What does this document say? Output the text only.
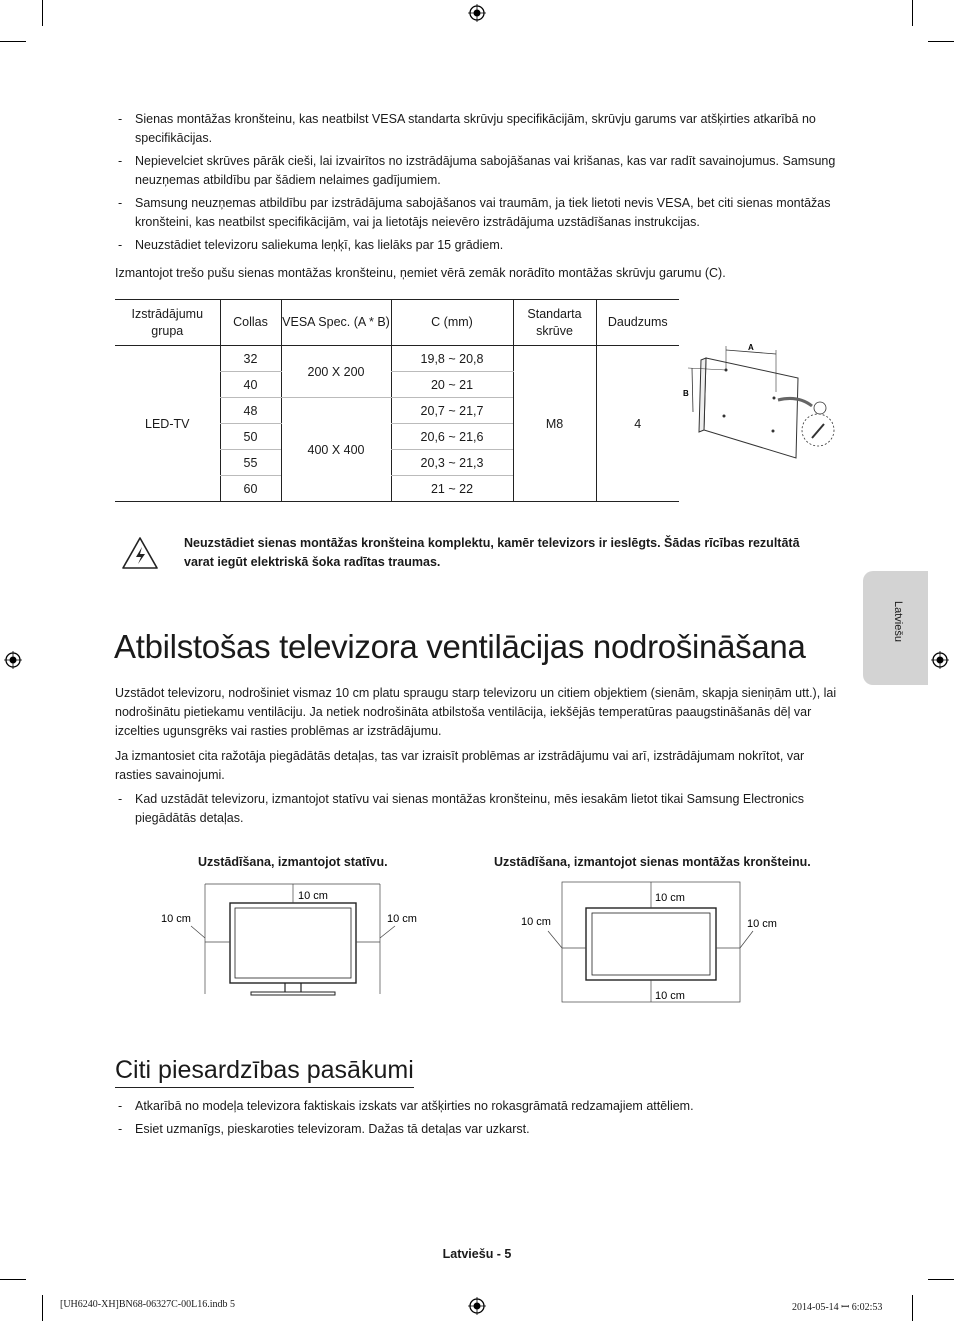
- Sienas montāžas kronšteinu, kas neatbilst VESA standarta skrūvju specifikācijām, skrūvju garums var atšķirties atkarībā no specifikācijas.
- Nepievelciet skrūves pārāk cieši, lai izvairītos no izstrādājuma sabojāšanas vai krišanas, kas var radīt savainojumus. Samsung neuzņemas atbildību par šādiem nelaimes gadījumiem.
- Samsung neuzņemas atbildību par izstrādājuma sabojāšanos vai traumām, ja tiek lietoti nevis VESA, bet citi sienas montāžas kronšteini, kas neatbilst specifikācijām, vai ja lietotājs neievēro izstrādājuma uzstādīšanas instrukcijas.
- Neuzstādiet televizoru saliekuma leņķī, kas lielāks par 15 grādiem.

Izmantojot trešo pušu sienas montāžas kronšteinu, ņemiet vērā zemāk norādīto montāžas skrūvju garumu (C).

Izstrādājumu grupa	Collas	VESA Spec. (A * B)	C (mm)	Standarta skrūve	Daudzums
LED-TV	32	200 X 200	19,8 ~ 20,8	M8	4
	40		20 ~ 21		
	48	400 X 400	20,7 ~ 21,7		
	50		20,6 ~ 21,6		
	55		20,3 ~ 21,3		
	60		21 ~ 22		
A
B
Neuzstādiet sienas montāžas kronšteina komplektu, kamēr televizors ir ieslēgts. Šādas rīcības rezultātā varat iegūt elektriskā šoka radītas traumas.
Atbilstošas televizora ventilācijas nodrošināšana

Uzstādot televizoru, nodrošiniet vismaz 10 cm platu spraugu starp televizoru un citiem objektiem (sienām, skapja sieniņām utt.), lai nodrošinātu pietiekamu ventilāciju. Ja netiek nodrošināta atbilstoša ventilācija, iekšējās temperatūras paaugstināšanās dēļ var izcelties ugunsgrēks vai rasties problēmas ar izstrādājumu.

Ja izmantosiet cita ražotāja piegādātās detaļas, tas var izraisīt problēmas ar izstrādājumu vai arī, izstrādājumam nokrītot, var rasties savainojumi.

- Kad uzstādāt televizoru, izmantojot statīvu vai sienas montāžas kronšteinu, mēs iesakām lietot tikai Samsung Electronics piegādātās detaļas.
Latviešu
Uzstādīšana, izmantojot statīvu.
10 cm
10 cm	10 cm
Uzstādīšana, izmantojot sienas montāžas kronšteinu.
10 cm
10 cm
10 cm	10 cm
Citi piesardzības pasākumi
- Atkarībā no modeļa televizora faktiskais izskats var atšķirties no rokasgrāmatā redzamajiem attēliem.
- Esiet uzmanīgs, pieskaroties televizoram. Dažas tā detaļas var uzkarst.
Latviešu - 5
[UH6240-XH]BN68-06327C-00L16.indb 5	2014-05-14 ꟷ 6:02:53
